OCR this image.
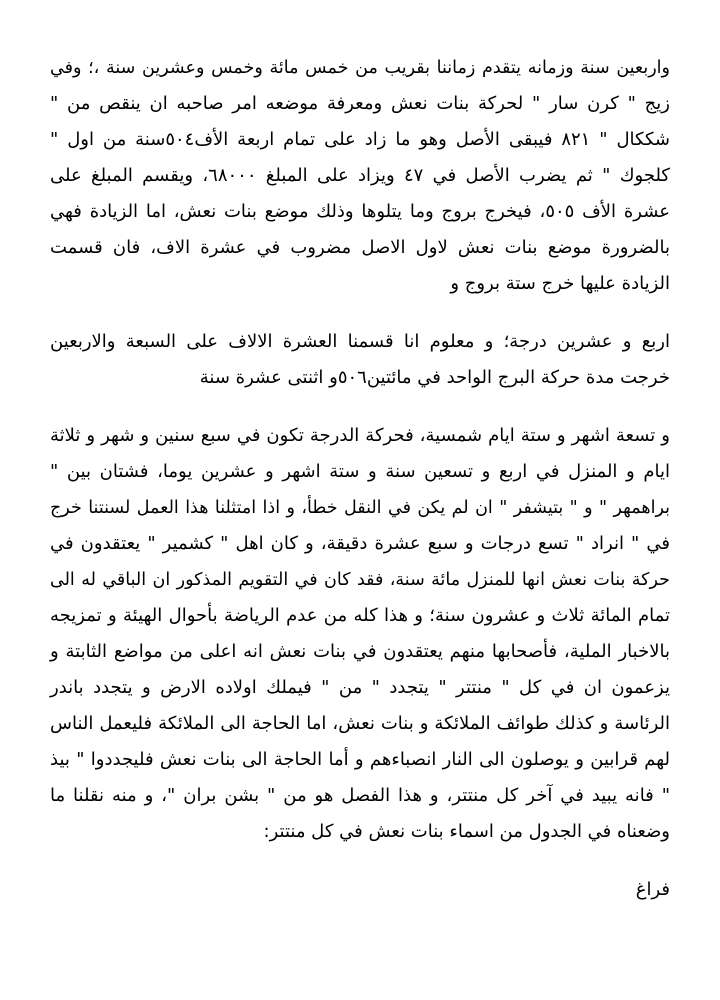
واربعين سنة وزمانه يتقدم زماننا بقريب من خمس مائة وخمس وعشرين سنة ،؛ وفي
زيج " كرن سار " لحركة بنات نعش ومعرفة موضعه امر صاحبه ان ينقص من "
شككال " ٨٢١ فيبقى الأصل وهو ما زاد على تمام اربعة الأف٥٠٤سنة من اول "
كلجوك " ثم يضرب الأصل في ٤٧ ويزاد على المبلغ ٦٨٠٠٠، ويقسم المبلغ على
عشرة الأف ٥٠٥، فيخرج بروج وما يتلوها وذلك موضع بنات نعش، اما الزيادة فهي
بالضرورة موضع بنات نعش لاول الاصل مضروب في عشرة الاف، فان قسمت
الزيادة عليها خرج ستة بروج و

اربع و عشرين درجة؛ و معلوم انا قسمنا العشرة الالاف على السبعة والاربعين
خرجت مدة حركة البرج الواحد في مائتين٥٠٦و اثنتى عشرة سنة

و تسعة اشهر و ستة ايام شمسية، فحركة الدرجة تكون في سبع سنين و شهر و ثلاثة
ايام و المنزل في اربع و تسعين سنة و ستة اشهر و عشرين يوما، فشتان بين "
براهمهر " و " بتيشفر " ان لم يكن في النقل خطأ، و اذا امتثلنا هذا العمل لسنتنا خرج
في " انراد " تسع درجات و سبع عشرة دقيقة، و كان اهل " كشمير " يعتقدون في
حركة بنات نعش انها للمنزل مائة سنة، فقد كان في التقويم المذكور ان الباقي له الى
تمام المائة ثلاث و عشرون سنة؛ و هذا كله من عدم الرياضة بأحوال الهيئة و تمزيجه
بالاخبار الملية، فأصحابها منهم يعتقدون في بنات نعش انه اعلى من مواضع الثابتة و
يزعمون ان في كل " منتتر " يتجدد " من " فيملك اولاده الارض و يتجدد باندر
الرئاسة و كذلك طوائف الملائكة و بنات نعش، اما الحاجة الى الملائكة فليعمل الناس
لهم قرابين و يوصلون الى النار انصباءهم و أما الحاجة الى بنات نعش فليجددوا " بيذ
" فانه يبيد في آخر كل منتتر، و هذا الفصل هو من " بشن بران "، و منه نقلنا ما
وضعناه في الجدول من اسماء بنات نعش في كل منتتر:

فراغ
